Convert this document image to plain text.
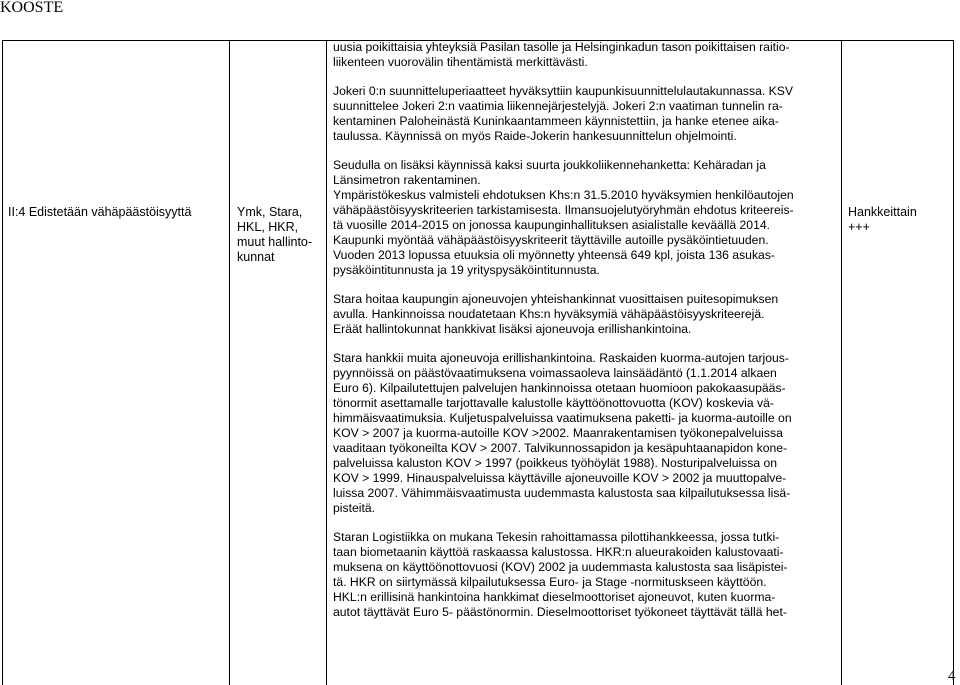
KOOSTE
II:4 Edistetään vähäpäästöisyyttä	Ymk, Stara,
HKL, HKR,
muut hallinto-
kunnat

uusia poikittaisia yhteyksiä Pasilan tasolle ja Helsinginkadun tason poikittaisen raitio-

liikenteen vuorovälin tihentämistä merkittävästi.

Jokeri 0:n suunnitteluperiaatteet hyväksyttiin kaupunkisuunnittelulautakunnassa. KSV

suunnittelee Jokeri 2:n vaatimia liikennejärjestelyjä. Jokeri 2:n vaatiman tunnelin ra-

kentaminen Paloheinästä Kuninkaantammeen käynnistettiin, ja hanke etenee aika-

taulussa. Käynnissä on myös Raide-Jokerin hankesuunnittelun ohjelmointi.

Seudulla on lisäksi käynnissä kaksi suurta joukkoliikennehanketta: Kehäradan ja

Länsimetron rakentaminen.

Ympäristökeskus valmisteli ehdotuksen Khs:n 31.5.2010 hyväksymien henkilöautojen

vähäpäästöisyyskriteerien tarkistamisesta. Ilmansuojelutyöryhmän ehdotus kriteereis-

tä vuosille 2014-2015 on jonossa kaupunginhallituksen asialistalle keväällä 2014.

Kaupunki myöntää vähäpäästöisyyskriteerit täyttäville autoille pysäköintietuuden.

Vuoden 2013 lopussa etuuksia oli myönnetty yhteensä 649 kpl, joista 136 asukas-

pysäköintitunnusta ja 19 yrityspysäköintitunnusta.

Stara hoitaa kaupungin ajoneuvojen yhteishankinnat vuosittaisen puitesopimuksen

avulla. Hankinnoissa noudatetaan Khs:n hyväksymiä vähäpäästöisyyskriteerejä.

Eräät hallintokunnat hankkivat lisäksi ajoneuvoja erillishankintoina.

Stara hankkii muita ajoneuvoja erillishankintoina. Raskaiden kuorma-autojen tarjous-

pyynnöissä on päästövaatimuksena voimassaoleva lainsäädäntö (1.1.2014 alkaen

Euro 6). Kilpailutettujen palvelujen hankinnoissa otetaan huomioon pakokaasupääs-

tönormit asettamalle tarjottavalle kalustolle käyttöönottovuotta (KOV) koskevia vä-

himmäisvaatimuksia. Kuljetuspalveluissa vaatimuksena paketti- ja kuorma-autoille on

KOV > 2007 ja kuorma-autoille KOV >2002. Maanrakentamisen työkonepalveluissa

vaaditaan työkoneilta KOV > 2007. Talvikunnossapidon ja kesäpuhtaanapidon kone-

palveluissa kaluston KOV > 1997 (poikkeus työhöylät 1988). Nosturipalveluissa on

KOV > 1999. Hinauspalveluissa käyttäville ajoneuvoille KOV > 2002 ja muuttopalve-

luissa 2007. Vähimmäisvaatimusta uudemmasta kalustosta saa kilpailutuksessa lisä-

pisteitä.

Staran Logistiikka on mukana Tekesin rahoittamassa pilottihankkeessa, jossa tutki-

taan biometaanin käyttöä raskaassa kalustossa. HKR:n alueurakoiden kalustovaati-

muksena on käyttöönottovuosi (KOV) 2002 ja uudemmasta kalustosta saa lisäpistei-

tä. HKR on siirtymässä kilpailutuksessa Euro- ja Stage -normituskseen käyttöön.

HKL:n erillisinä hankintoina hankkimat dieselmoottoriset ajoneuvot, kuten kuorma-

autot täyttävät Euro 5- päästönormin. Dieselmoottoriset työkoneet täyttävät tällä het-

Hankkeittain
+++
4
